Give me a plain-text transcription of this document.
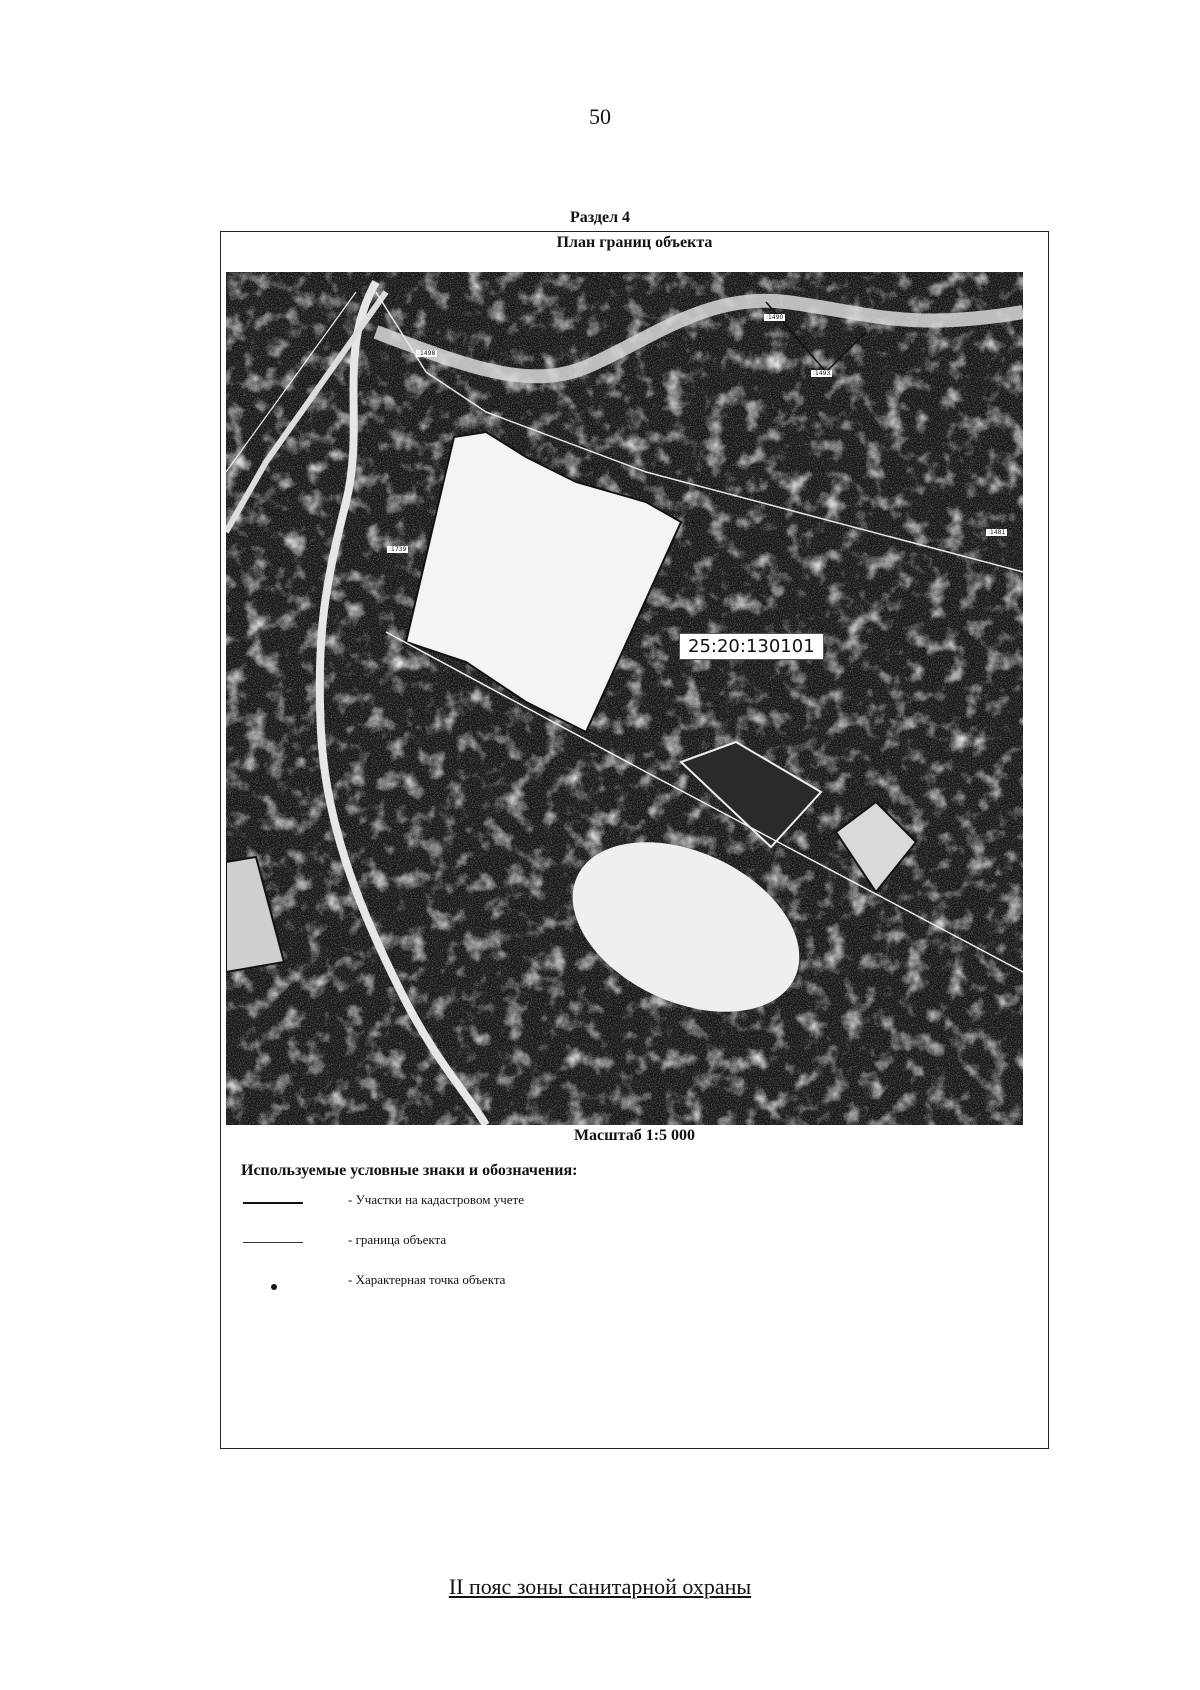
50
Раздел 4
План границ объекта
:1490
:1498
:1493
:1739
:1481
25:20:130101
Масштаб 1:5 000
Используемые условные знаки и обозначения:
- Участки на кадастровом учете
- граница объекта
- Характерная точка объекта
II пояс зоны санитарной охраны
